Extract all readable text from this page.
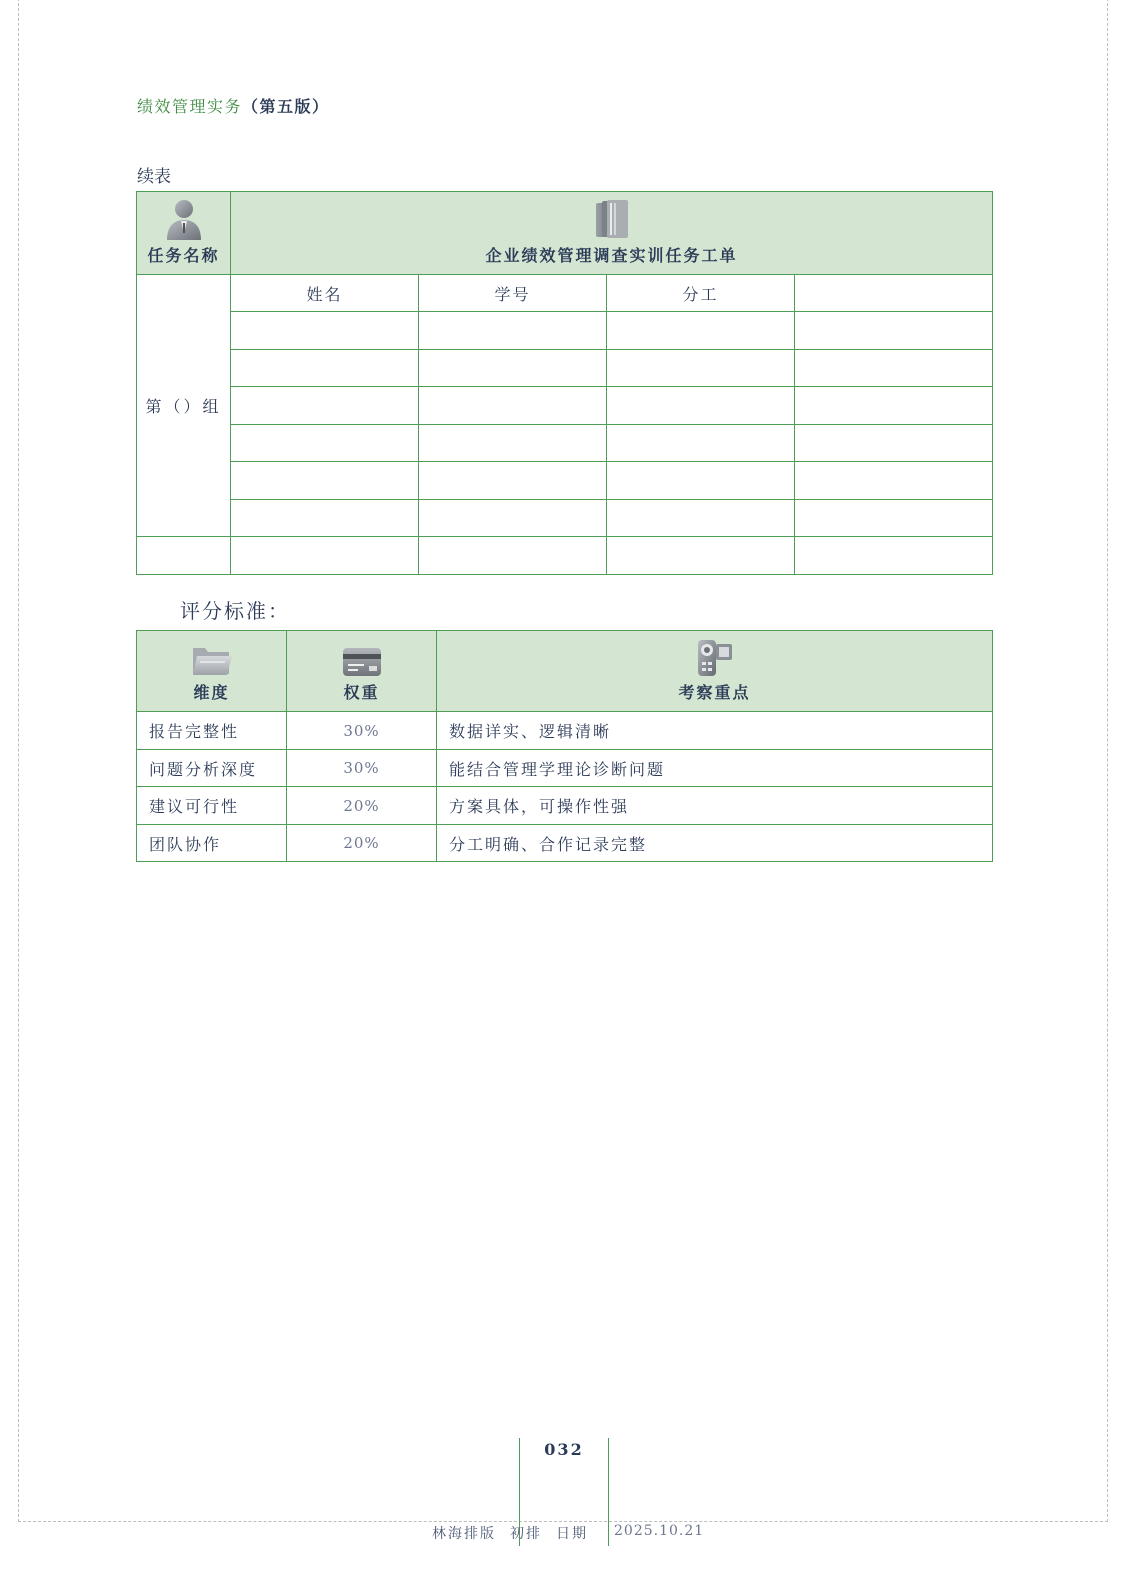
绩效管理实务（第五版）
续表
任务名称	企业绩效管理调查实训任务工单			

第（）组	姓名	学号	分工	

评分标准：
维度	权重	考察重点

报告完整性	30%	数据详实、逻辑清晰
问题分析深度	30%	能结合管理学理论诊断问题
建议可行性	20%	方案具体，可操作性强
团队协作	20%	分工明确、合作记录完整
032
林海排版 初排 日期	2025.10.21
